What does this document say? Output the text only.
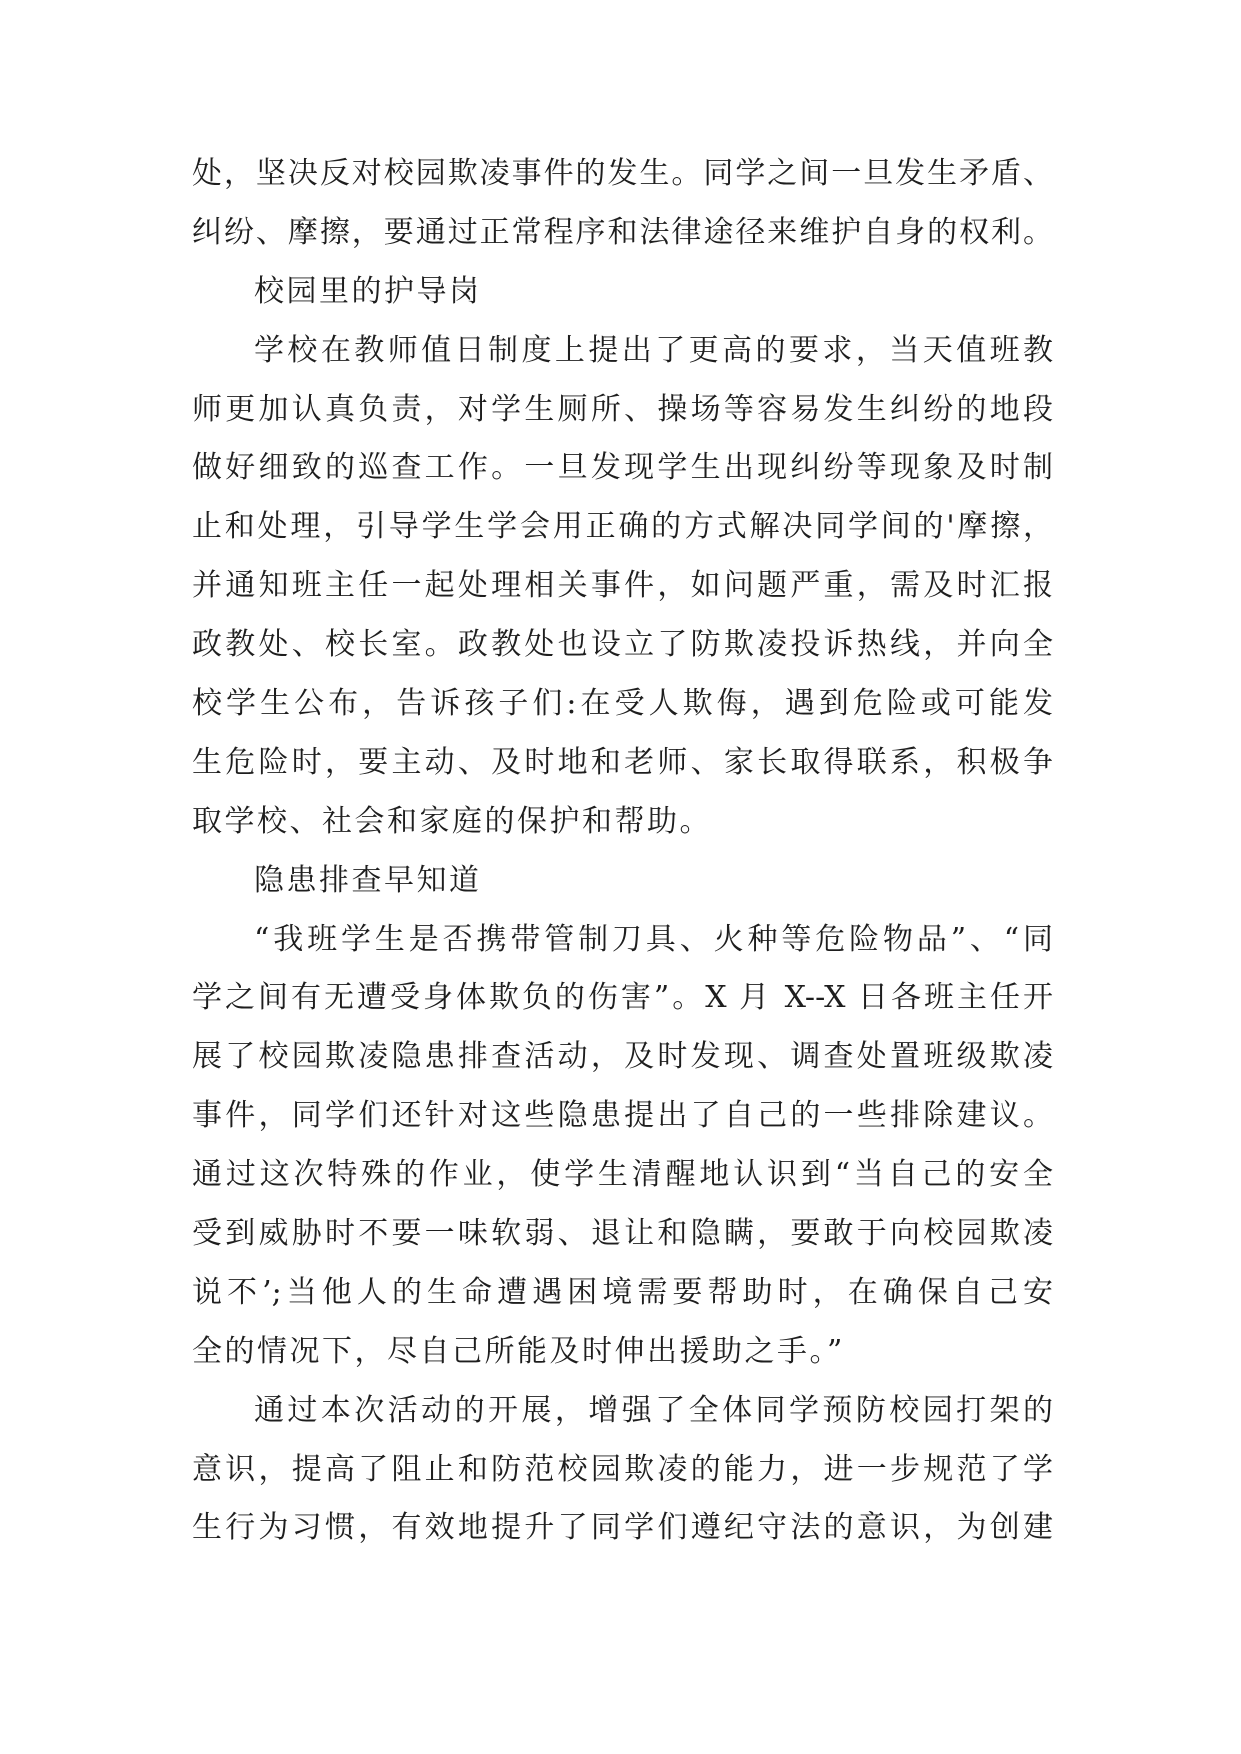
处，坚决反对校园欺凌事件的发生。同学之间一旦发生矛盾、
纠纷、摩擦，要通过正常程序和法律途径来维护自身的权利。
校园里的护导岗
学校在教师值日制度上提出了更高的要求，当天值班教
师更加认真负责，对学生厕所、操场等容易发生纠纷的地段
做好细致的巡查工作。一旦发现学生出现纠纷等现象及时制
止和处理，引导学生学会用正确的方式解决同学间的'摩擦，
并通知班主任一起处理相关事件，如问题严重，需及时汇报
政教处、校长室。政教处也设立了防欺凌投诉热线，并向全
校学生公布，告诉孩子们:在受人欺侮，遇到危险或可能发
生危险时，要主动、及时地和老师、家长取得联系，积极争
取学校、社会和家庭的保护和帮助。
隐患排查早知道
“我班学生是否携带管制刀具、火种等危险物品”、“同
学之间有无遭受身体欺负的伤害”。X 月 X--X 日各班主任开
展了校园欺凌隐患排查活动，及时发现、调查处置班级欺凌
事件，同学们还针对这些隐患提出了自己的一些排除建议。
通过这次特殊的作业，使学生清醒地认识到“当自己的安全
受到威胁时不要一味软弱、退让和隐瞒，要敢于向校园欺凌
说不’;当他人的生命遭遇困境需要帮助时，在确保自己安
全的情况下，尽自己所能及时伸出援助之手。”
通过本次活动的开展，增强了全体同学预防校园打架的
意识，提高了阻止和防范校园欺凌的能力，进一步规范了学
生行为习惯，有效地提升了同学们遵纪守法的意识，为创建
